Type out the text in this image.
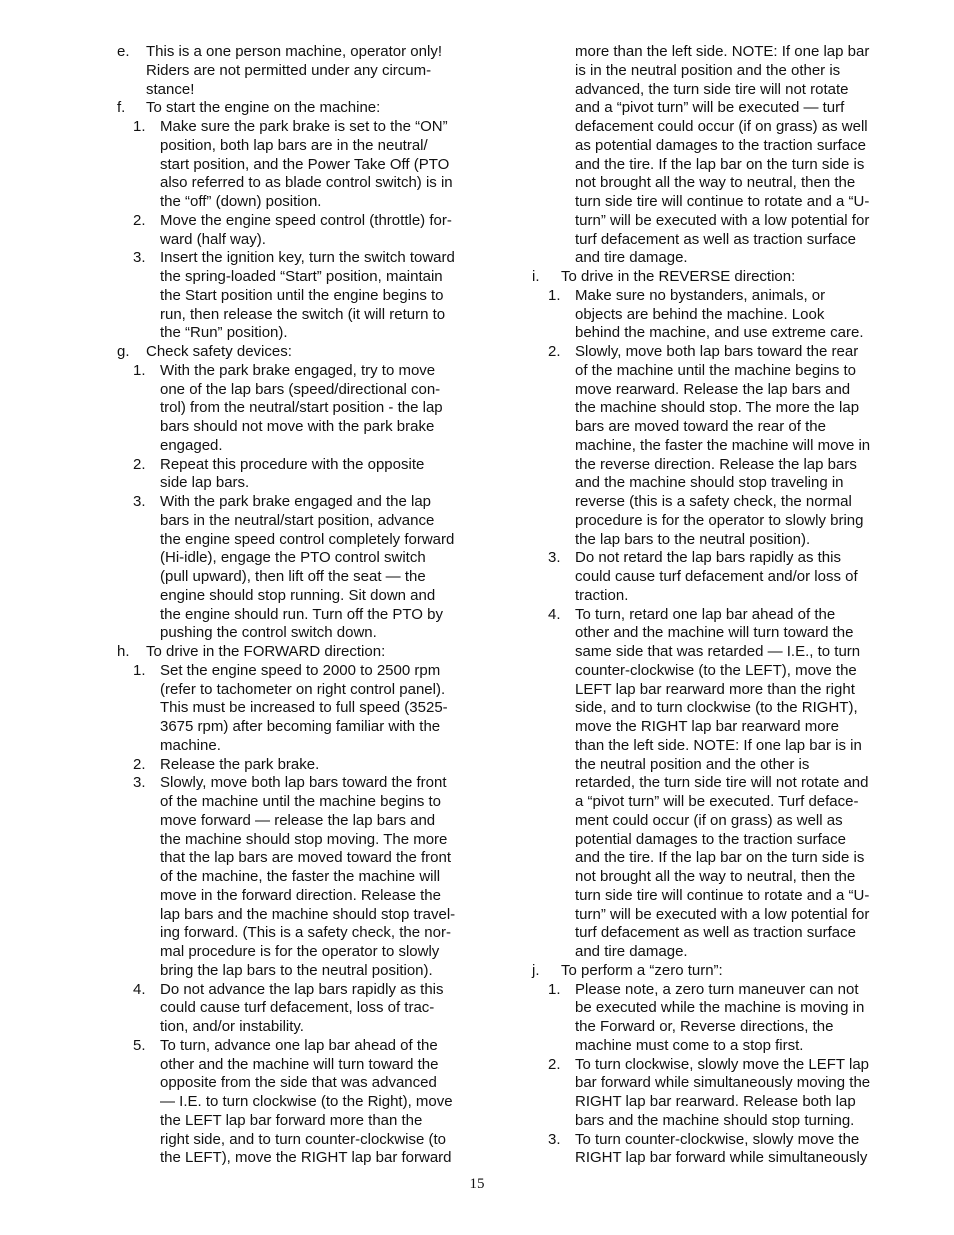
e. This is a one person machine, operator only!
Riders are not permitted under any circum-
stance!
f. To start the engine on the machine:
1. Make sure the park brake is set to the “ON”
position, both lap bars are in the neutral/
start position, and the Power Take Off (PTO
also referred to as blade control switch) is in
the “off” (down) position.
2. Move the engine speed control (throttle) for-
ward (half way).
3. Insert the ignition key, turn the switch toward
the spring-loaded “Start” position, maintain
the Start position until the engine begins to
run, then release the switch (it will return to
the “Run” position).
g. Check safety devices:
1. With the park brake engaged, try to move
one of the lap bars (speed/directional con-
trol) from the neutral/start position - the lap
bars should not move with the park brake
engaged.
2. Repeat this procedure with the opposite
side lap bars.
3. With the park brake engaged and the lap
bars in the neutral/start position, advance
the engine speed control completely forward
(Hi-idle), engage the PTO control switch
(pull upward), then lift off the seat — the
engine should stop running. Sit down and
the engine should run. Turn off the PTO by
pushing the control switch down.
h. To drive in the FORWARD direction:
1. Set the engine speed to 2000 to 2500 rpm
(refer to tachometer on right control panel).
This must be increased to full speed (3525-
3675 rpm) after becoming familiar with the
machine.
2. Release the park brake.
3. Slowly, move both lap bars toward the front
of the machine until the machine begins to
move forward — release the lap bars and
the machine should stop moving. The more
that the lap bars are moved toward the front
of the machine, the faster the machine will
move in the forward direction. Release the
lap bars and the machine should stop travel-
ing forward. (This is a safety check, the nor-
mal procedure is for the operator to slowly
bring the lap bars to the neutral position).
4. Do not advance the lap bars rapidly as this
could cause turf defacement, loss of trac-
tion, and/or instability.
5. To turn, advance one lap bar ahead of the
other and the machine will turn toward the
opposite from the side that was advanced
— I.E. to turn clockwise (to the Right), move
the LEFT lap bar forward more than the
right side, and to turn counter-clockwise (to
the LEFT), move the RIGHT lap bar forward
more than the left side. NOTE: If one lap bar
is in the neutral position and the other is
advanced, the turn side tire will not rotate
and a “pivot turn” will be executed — turf
defacement could occur (if on grass) as well
as potential damages to the traction surface
and the tire. If the lap bar on the turn side is
not brought all the way to neutral, then the
turn side tire will continue to rotate and a “U-
turn” will be executed with a low potential for
turf defacement as well as traction surface
and tire damage.
i. To drive in the REVERSE direction:
1. Make sure no bystanders, animals, or
objects are behind the machine. Look
behind the machine, and use extreme care.
2. Slowly, move both lap bars toward the rear
of the machine until the machine begins to
move rearward. Release the lap bars and
the machine should stop. The more the lap
bars are moved toward the rear of the
machine, the faster the machine will move in
the reverse direction. Release the lap bars
and the machine should stop traveling in
reverse (this is a safety check, the normal
procedure is for the operator to slowly bring
the lap bars to the neutral position).
3. Do not retard the lap bars rapidly as this
could cause turf defacement and/or loss of
traction.
4. To turn, retard one lap bar ahead of the
other and the machine will turn toward the
same side that was retarded — I.E., to turn
counter-clockwise (to the LEFT), move the
LEFT lap bar rearward more than the right
side, and to turn clockwise (to the RIGHT),
move the RIGHT lap bar rearward more
than the left side. NOTE: If one lap bar is in
the neutral position and the other is
retarded, the turn side tire will not rotate and
a “pivot turn” will be executed. Turf deface-
ment could occur (if on grass) as well as
potential damages to the traction surface
and the tire. If the lap bar on the turn side is
not brought all the way to neutral, then the
turn side tire will continue to rotate and a “U-
turn” will be executed with a low potential for
turf defacement as well as traction surface
and tire damage.
j. To perform a “zero turn”:
1. Please note, a zero turn maneuver can not
be executed while the machine is moving in
the Forward or, Reverse directions, the
machine must come to a stop first.
2. To turn clockwise, slowly move the LEFT lap
bar forward while simultaneously moving the
RIGHT lap bar rearward. Release both lap
bars and the machine should stop turning.
3. To turn counter-clockwise, slowly move the
RIGHT lap bar forward while simultaneously
15
